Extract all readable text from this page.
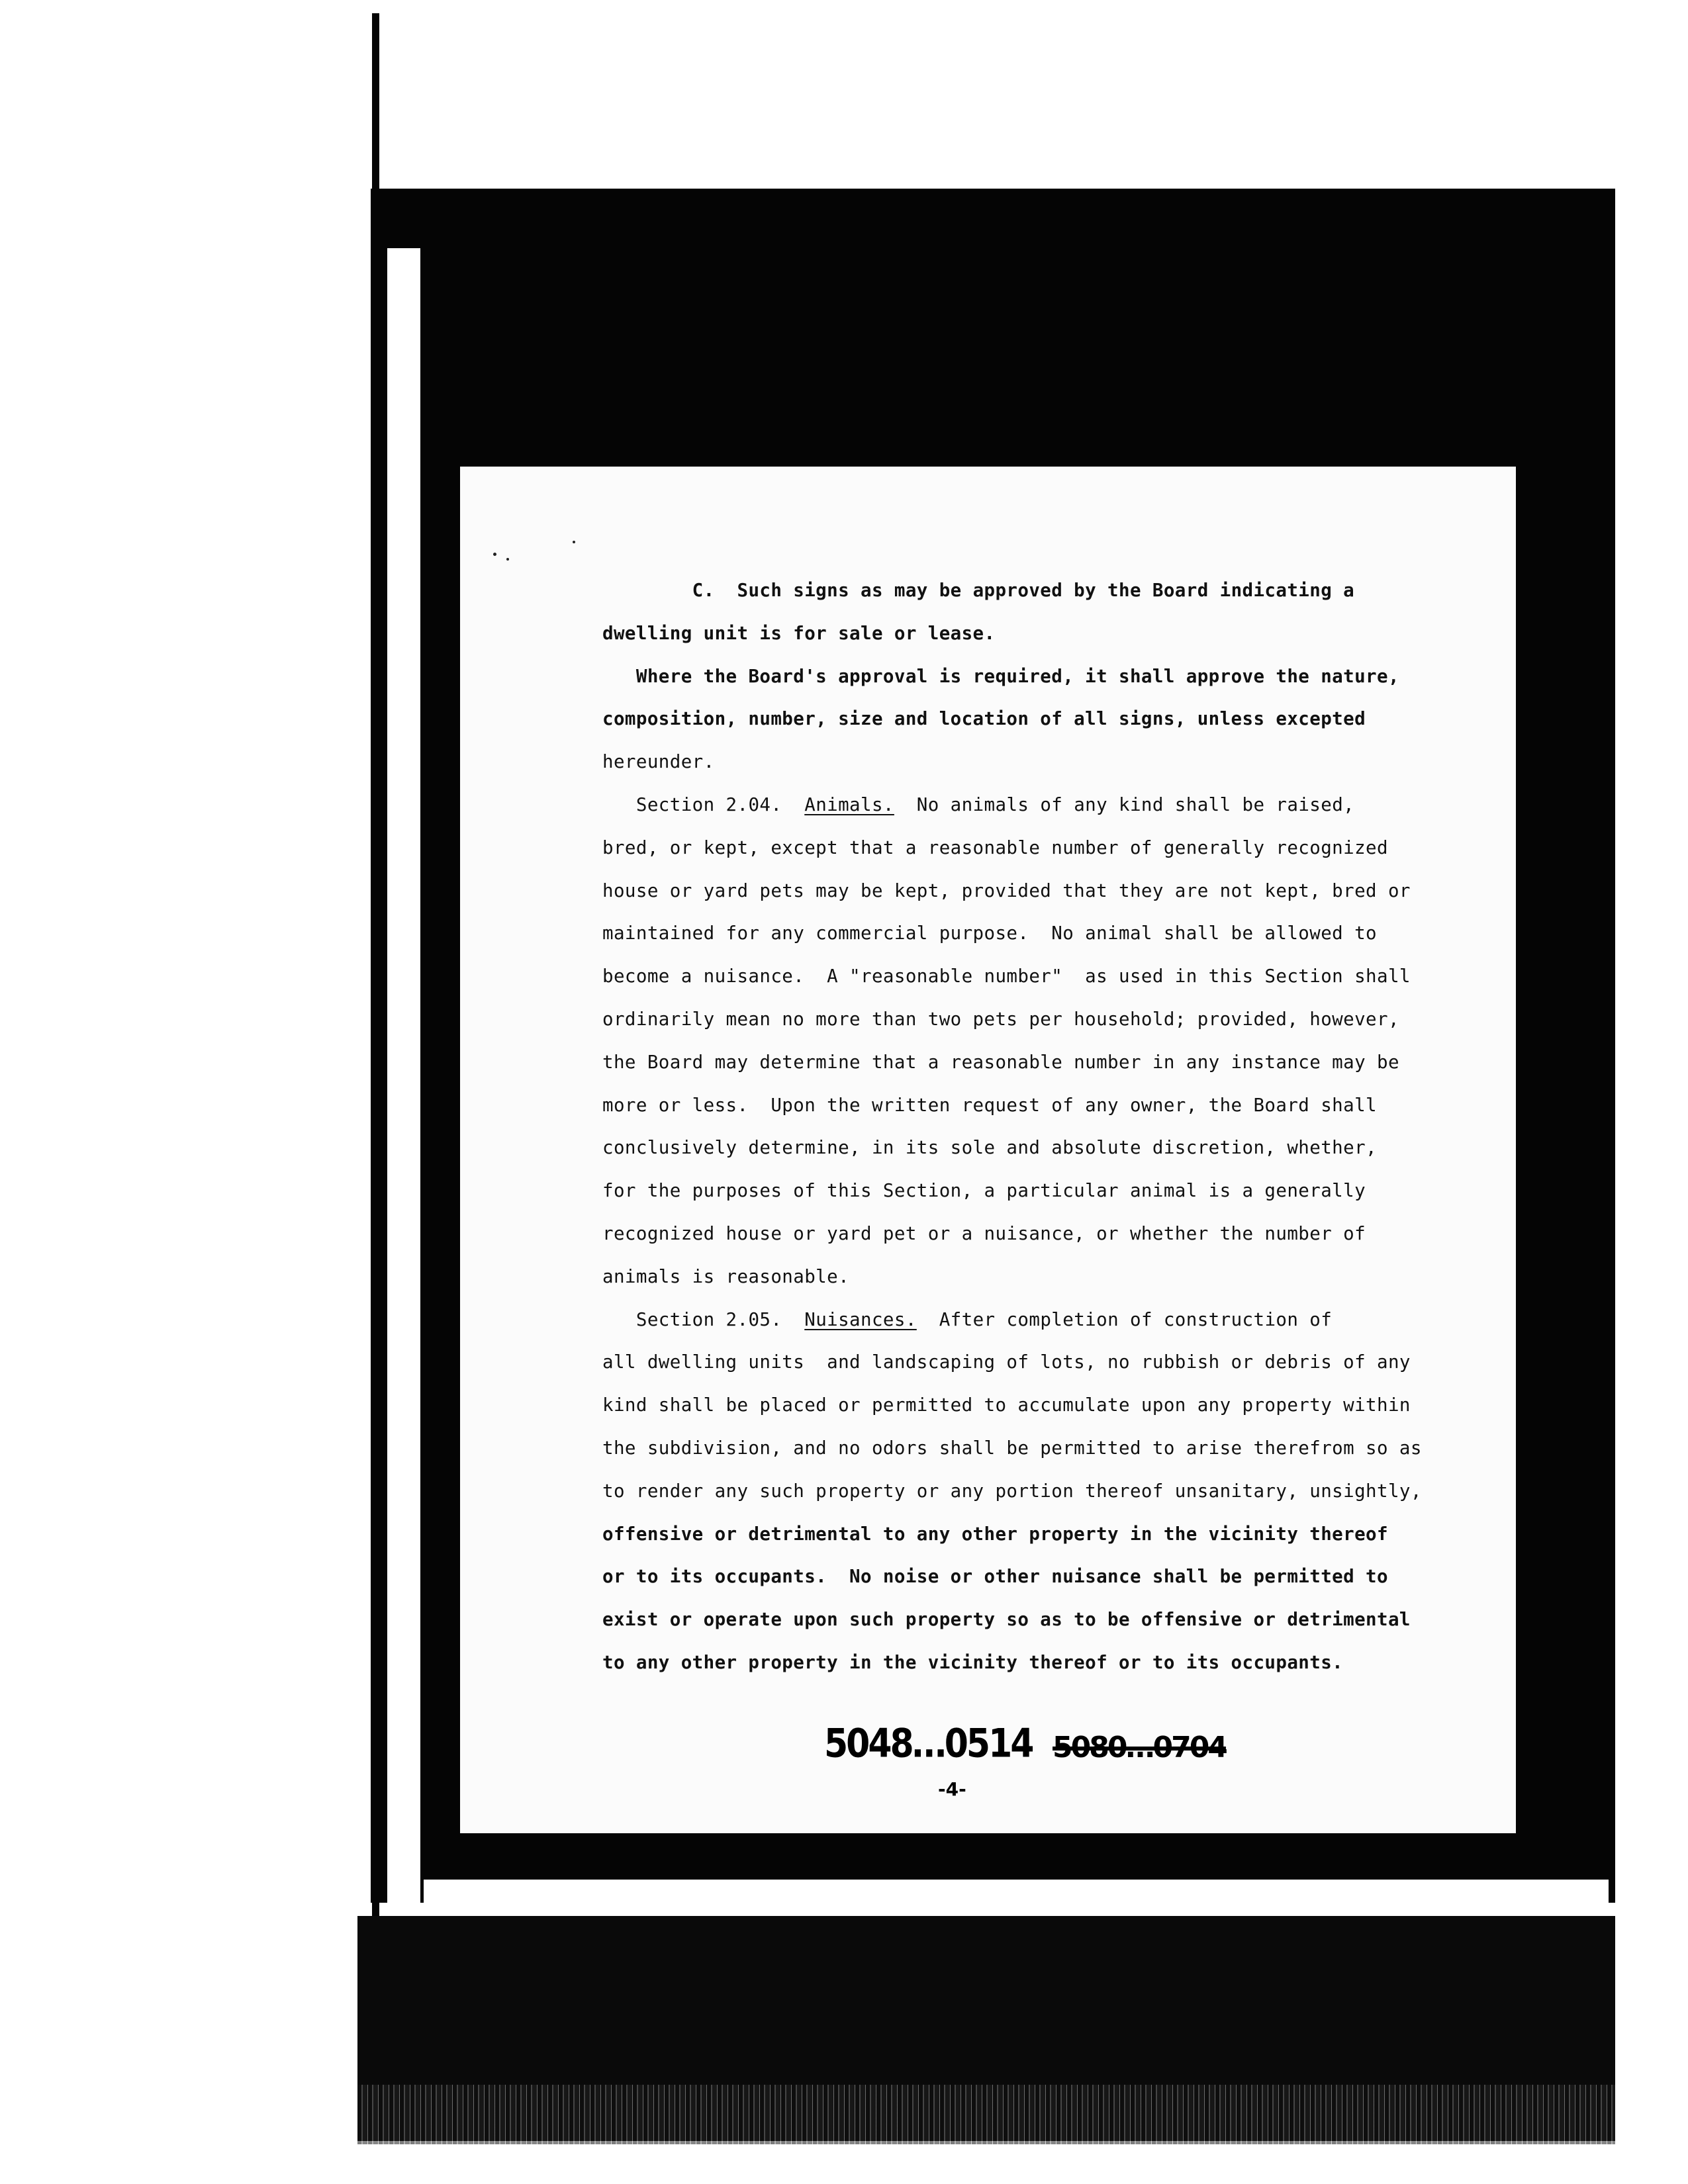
C.  Such signs as may be approved by the Board indicating a
dwelling unit is for sale or lease.
Where the Board's approval is required, it shall approve the nature,
composition, number, size and location of all signs, unless excepted
hereunder.
Section 2.04.  Animals.  No animals of any kind shall be raised,
bred, or kept, except that a reasonable number of generally recognized
house or yard pets may be kept, provided that they are not kept, bred or
maintained for any commercial purpose.  No animal shall be allowed to
become a nuisance.  A "reasonable number"  as used in this Section shall
ordinarily mean no more than two pets per household; provided, however,
the Board may determine that a reasonable number in any instance may be
more or less.  Upon the written request of any owner, the Board shall
conclusively determine, in its sole and absolute discretion, whether,
for the purposes of this Section, a particular animal is a generally
recognized house or yard pet or a nuisance, or whether the number of
animals is reasonable.
Section 2.05.  Nuisances.  After completion of construction of
all dwelling units  and landscaping of lots, no rubbish or debris of any
kind shall be placed or permitted to accumulate upon any property within
the subdivision, and no odors shall be permitted to arise therefrom so as
to render any such property or any portion thereof unsanitary, unsightly,
offensive or detrimental to any other property in the vicinity thereof
or to its occupants.  No noise or other nuisance shall be permitted to
exist or operate upon such property so as to be offensive or detrimental
to any other property in the vicinity thereof or to its occupants.
5048…0514 5080…0704
-4-
